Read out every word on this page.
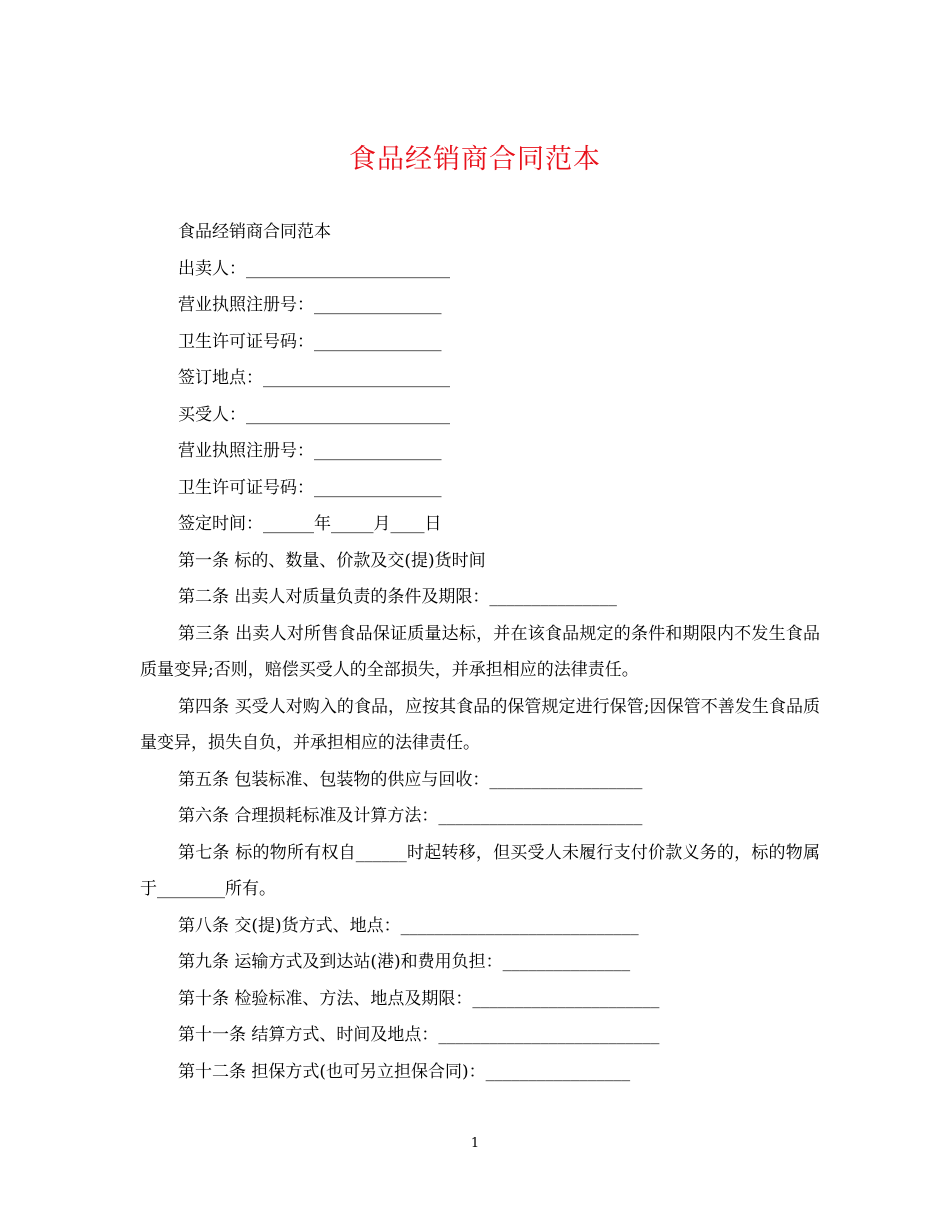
食品经销商合同范本
食品经销商合同范本
出卖人：________________________
营业执照注册号：_______________
卫生许可证号码：_______________
签订地点：______________________
买受人：________________________
营业执照注册号：_______________
卫生许可证号码：_______________
签定时间：______年_____月____日
第一条 标的、数量、价款及交(提)货时间
第二条 出卖人对质量负责的条件及期限：_______________
第三条 出卖人对所售食品保证质量达标，并在该食品规定的条件和期限内不发生食品质量变异;否则，赔偿买受人的全部损失，并承担相应的法律责任。
第四条 买受人对购入的食品，应按其食品的保管规定进行保管;因保管不善发生食品质量变异，损失自负，并承担相应的法律责任。
第五条 包装标准、包装物的供应与回收：__________________
第六条 合理损耗标准及计算方法：________________________
第七条 标的物所有权自______时起转移，但买受人未履行支付价款义务的，标的物属于________所有。
第八条 交(提)货方式、地点：____________________________
第九条 运输方式及到达站(港)和费用负担：_______________
第十条 检验标准、方法、地点及期限：______________________
第十一条 结算方式、时间及地点：__________________________
第十二条 担保方式(也可另立担保合同)：_________________
1
